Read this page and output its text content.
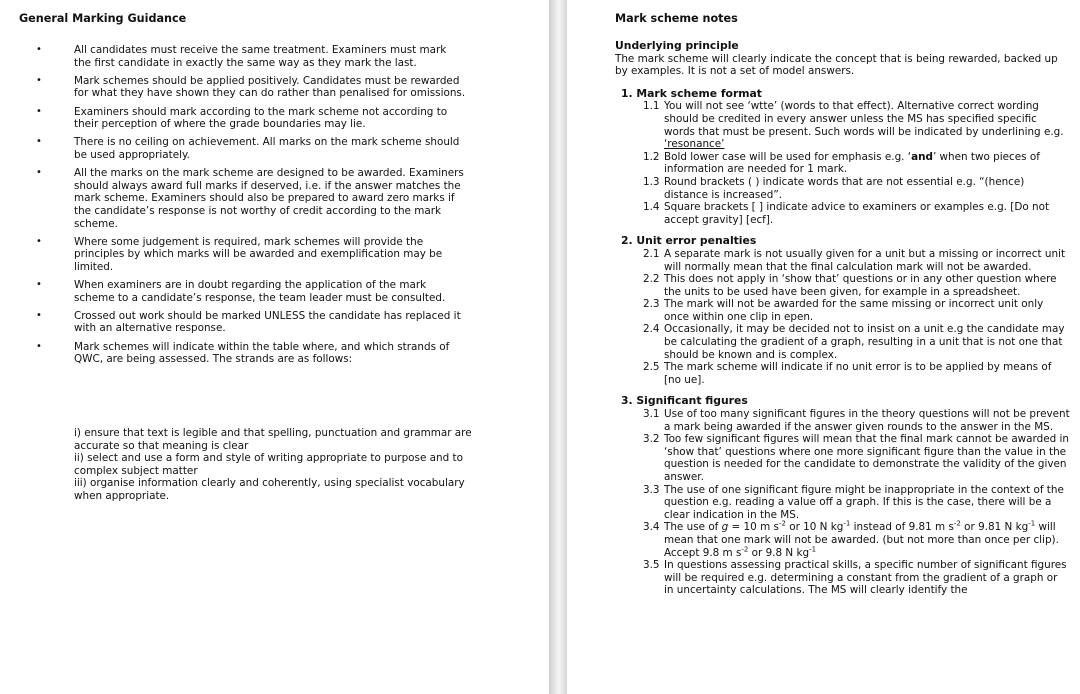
General Marking Guidance
•	All candidates must receive the same treatment. Examiners must mark the first candidate in exactly the same way as they mark the last.
•	Mark schemes should be applied positively. Candidates must be rewarded for what they have shown they can do rather than penalised for omissions.
•	Examiners should mark according to the mark scheme not according to their perception of where the grade boundaries may lie.
•	There is no ceiling on achievement. All marks on the mark scheme should be used appropriately.
•	All the marks on the mark scheme are designed to be awarded. Examiners should always award full marks if deserved, i.e. if the answer matches the mark scheme. Examiners should also be prepared to award zero marks if the candidate’s response is not worthy of credit according to the mark scheme.
•	Where some judgement is required, mark schemes will provide the principles by which marks will be awarded and exemplification may be limited.
•	When examiners are in doubt regarding the application of the mark scheme to a candidate’s response, the team leader must be consulted.
•	Crossed out work should be marked UNLESS the candidate has replaced it with an alternative response.
•	Mark schemes will indicate within the table where, and which strands of QWC, are being assessed. The strands are as follows:
i) ensure that text is legible and that spelling, punctuation and grammar are accurate so that meaning is clear
ii) select and use a form and style of writing appropriate to purpose and to complex subject matter
iii) organise information clearly and coherently, using specialist vocabulary when appropriate.
Mark scheme notes
Underlying principle
The mark scheme will clearly indicate the concept that is being rewarded, backed up by examples. It is not a set of model answers.
1. Mark scheme format
1.1 You will not see ‘wtte’ (words to that effect). Alternative correct wording should be credited in every answer unless the MS has specified specific words that must be present. Such words will be indicated by underlining e.g. ‘resonance’
1.2 Bold lower case will be used for emphasis e.g. ‘and’ when two pieces of information are needed for 1 mark.
1.3 Round brackets ( ) indicate words that are not essential e.g. “(hence) distance is increased”.
1.4 Square brackets [ ] indicate advice to examiners or examples e.g. [Do not accept gravity] [ecf].
2. Unit error penalties
2.1 A separate mark is not usually given for a unit but a missing or incorrect unit will normally mean that the final calculation mark will not be awarded.
2.2 This does not apply in ‘show that’ questions or in any other question where the units to be used have been given, for example in a spreadsheet.
2.3 The mark will not be awarded for the same missing or incorrect unit only once within one clip in epen.
2.4 Occasionally, it may be decided not to insist on a unit e.g the candidate may be calculating the gradient of a graph, resulting in a unit that is not one that should be known and is complex.
2.5 The mark scheme will indicate if no unit error is to be applied by means of [no ue].
3. Significant figures
3.1 Use of too many significant figures in the theory questions will not be prevent a mark being awarded if the answer given rounds to the answer in the MS.
3.2 Too few significant figures will mean that the final mark cannot be awarded in ‘show that’ questions where one more significant figure than the value in the question is needed for the candidate to demonstrate the validity of the given answer.
3.3 The use of one significant figure might be inappropriate in the context of the question e.g. reading a value off a graph. If this is the case, there will be a clear indication in the MS.
3.4 The use of g = 10 m $s^{-2}$ or 10 N $kg^{-1}$ instead of 9.81 m $s^{-2}$ or 9.81 N $kg^{-1}$ will mean that one mark will not be awarded. (but not more than once per clip). Accept 9.8 m $s^{-2}$ or 9.8 N $kg^{-1}$
3.5 In questions assessing practical skills, a specific number of significant figures will be required e.g. determining a constant from the gradient of a graph or in uncertainty calculations. The MS will clearly identify the
